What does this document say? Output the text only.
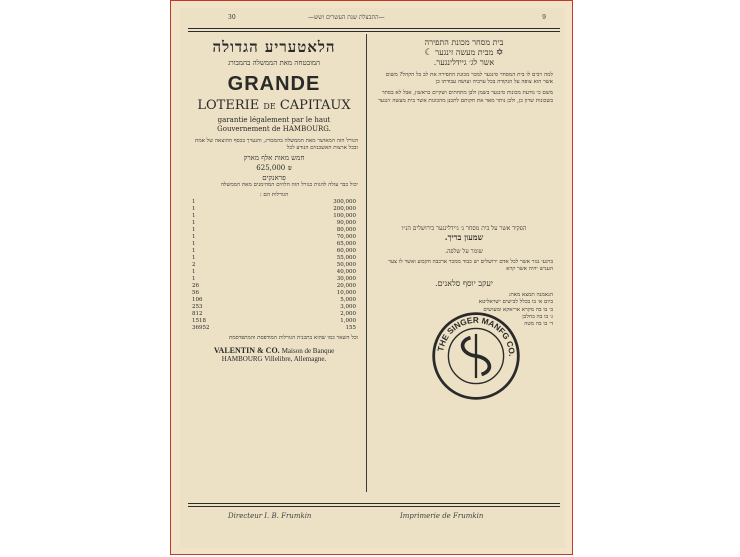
30	—התבצלת שנת העשרים ושש—	9
הלאטעריע הגדולה
המובטחה מאת הממשלה בהמבורג
GRANDE
LOTERIE DE CAPITAUX
garantie légalement par le haut
Gouvernement de HAMBOURG.
הגורל הזה המאושר מאת הממשלה בהמבורג, והנערך בכסף ההוצאה של אמת ובכל ארצות האשכנזים הנודע לכל
חמש מאות אלף מארק
625,000 ₪
פראנקים
יכול כבר עולה להגות כגורל הזה הלוזים המהימנים מאת הממשלה
הגורלות הם :
1	300,000
1	200,000
1	100,000
1	90,000
1	80,000
1	70,000
1	65,000
1	60,000
1	55,000
2	50,000
1	40,000
1	30,000
26	20,000
56	10,000
106	5,000
253	3,000
812	2,000
1518	1,000
36952	155
וכל השאר כמו שהוא בתכנית הגורלות המודפסת והמתפרסמת
VALENTIN & CO. Maison de Banque
HAMBOURG Villelibre, Allemagne.
בית מסחר מכונת התפירה
✡ מבית מעשה זינגער ☾
אשר לג׳ גיידלינגער.
למה רבים לו בית המסחר סינגער למכר מכונת התפירה את לב כל הקהל? משום אשר הוא צופה על הנקודה בכל ערביה ועושה עבודתו כן
משם כי נודעת מכונות סינגער בשמן ולבן מתחתים ושקיים כראשון, אבל לא בסתר בשכונות שרון כן, ולכן נותר מאד את חקותם לתכנן מהכונות אשר בית מעשה זינגער
הפקיד אשר על בית מסחר ג׳ גיידלינגער בירושלים הנ״ו
שמעון בריך.
שומר על שלפה.
ברגעי נגזר אשר לכל אדם ירושלים יש כבוד ממכר ארכבה הקבוע ואשר לו צער העניש יהיה אשר קרא
יעקב יוסף סלאנים.
הנאמנה תמצא מאת:
ביום א׳ בו בכלל לבישים ישראליטא
ב׳ בו בה מקרא אריאקא ומעושים
ג׳ בו בה בחלבן
ד׳ בו בה מטה
THE SINGER MANFG CO.
Directeur I. B. Frumkin	Imprimerie de Frumkin
